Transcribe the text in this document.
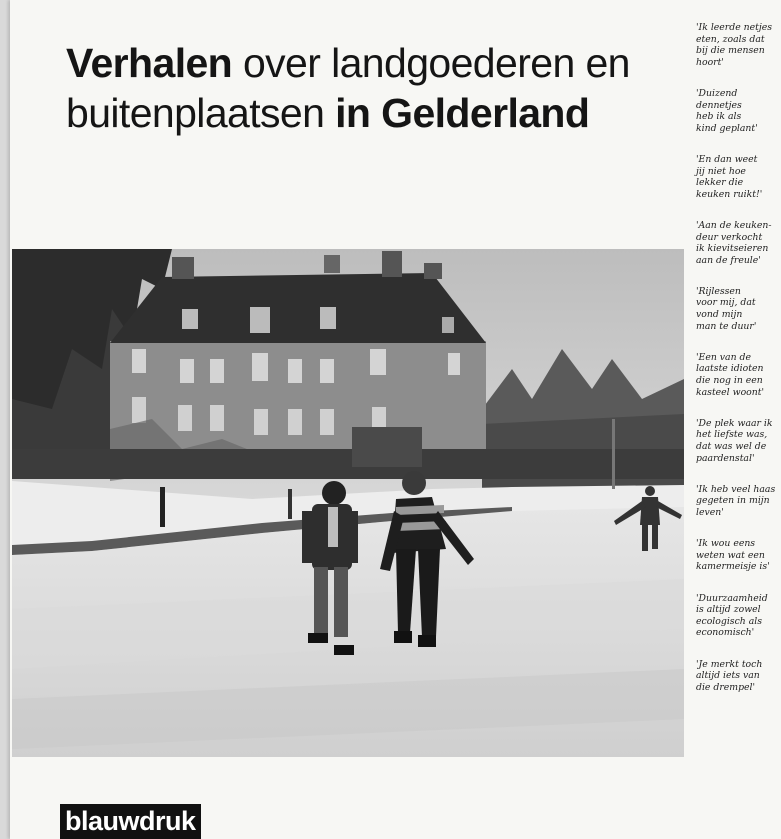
Verhalen over landgoederen en
buitenplaatsen in Gelderland
'Ik leerde netjes
eten, zoals dat
bij die mensen
hoort'
'Duizend
dennetjes
heb ik als
kind geplant'
'En dan weet
jij niet hoe
lekker die
keuken ruikt!'
'Aan de keuken-
deur verkocht
ik kievitseieren
aan de freule'
'Rijlessen
voor mij, dat
vond mijn
man te duur'
'Een van de
laatste idioten
die nog in een
kasteel woont'
'De plek waar ik
het liefste was,
dat was wel de
paardenstal'
'Ik heb veel haas
gegeten in mijn
leven'
'Ik wou eens
weten wat een
kamermeisje is'
'Duurzaamheid
is altijd zowel
ecologisch als
economisch'
'Je merkt toch
altijd iets van
die drempel'
blauwdruk
